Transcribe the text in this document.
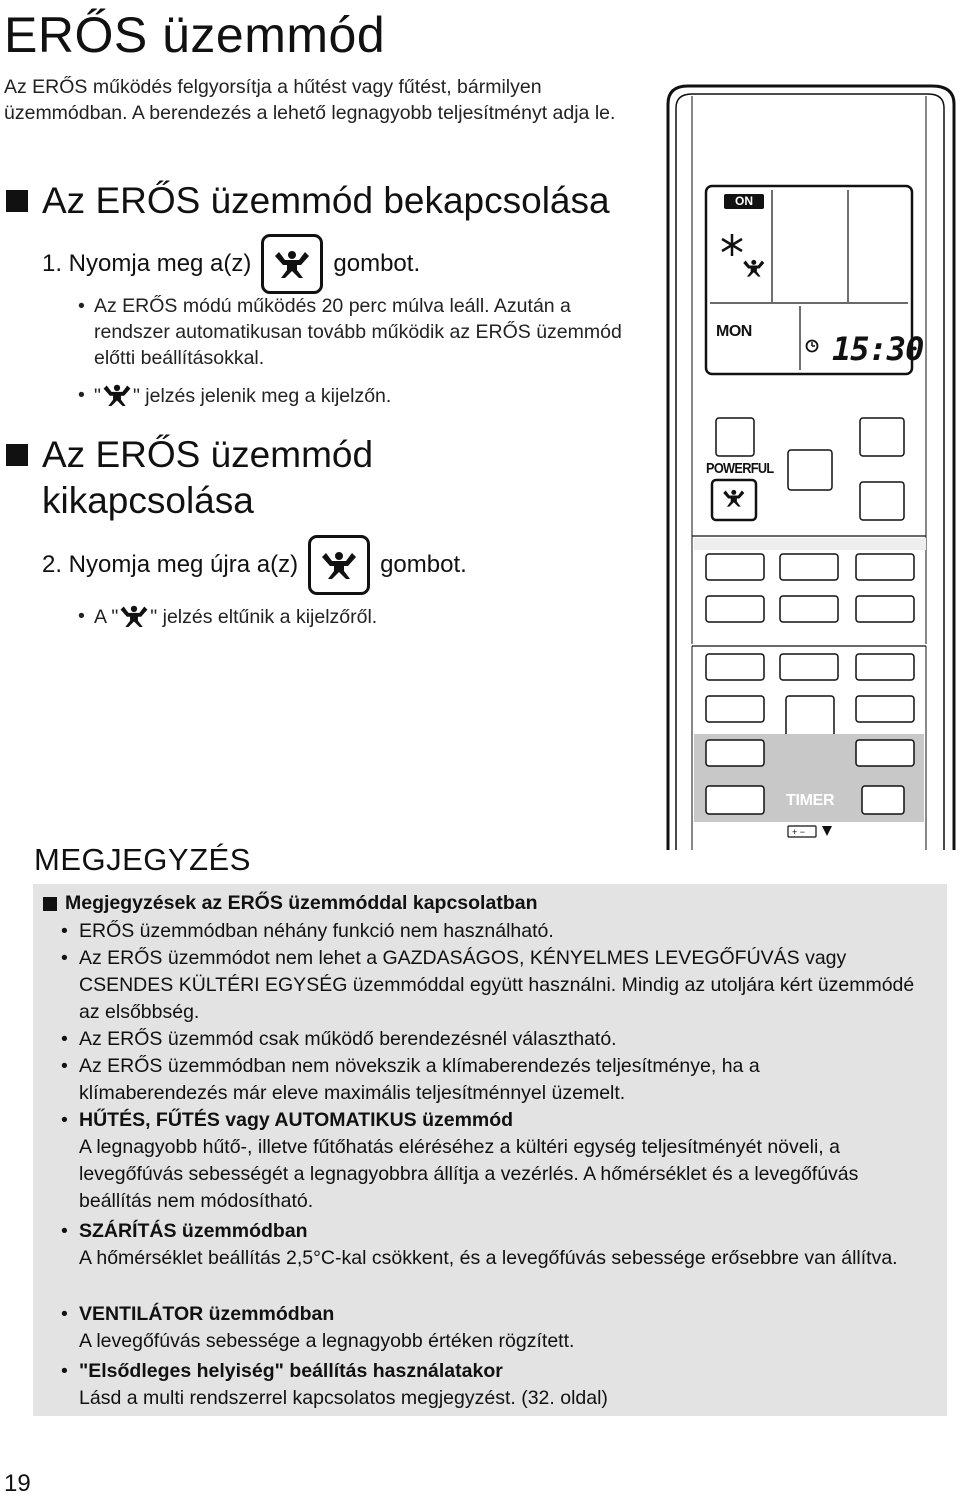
ERŐS üzemmód

Az ERŐS működés felgyorsítja a hűtést vagy fűtést, bármilyen üzemmódban. A berendezés a lehető legnagyobb teljesítményt adja le.

Az ERŐS üzemmód bekapcsolása
1. Nyomja meg a(z)	gombot.
• Az ERŐS módú működés 20 perc múlva leáll. Azután a rendszer automatikusan tovább működik az ERŐS üzemmód előtti beállításokkal.
• " " jelzés jelenik meg a kijelzőn.
Az ERŐS üzemmód
kikapcsolása
2. Nyomja meg újra a(z)	gombot.
• A " " jelzés eltűnik a kijelzőről.
+ −
ON
MON	15:30
POWERFUL
TIMER
MEGJEGYZÉS
Megjegyzések az ERŐS üzemmóddal kapcsolatban
• ERŐS üzemmódban néhány funkció nem használható.
• Az ERŐS üzemmódot nem lehet a GAZDASÁGOS, KÉNYELMES LEVEGŐFÚVÁS vagy CSENDES KÜLTÉRI EGYSÉG üzemmóddal együtt használni. Mindig az utoljára kért üzemmódé az elsőbbség.
• Az ERŐS üzemmód csak működő berendezésnél választható.
• Az ERŐS üzemmódban nem növekszik a klímaberendezés teljesítménye, ha a klímaberendezés már eleve maximális teljesítménnyel üzemelt.
• HŰTÉS, FŰTÉS vagy AUTOMATIKUS üzemmód
A legnagyobb hűtő-, illetve fűtőhatás eléréséhez a kültéri egység teljesítményét növeli, a levegőfúvás sebességét a legnagyobbra állítja a vezérlés. A hőmérséklet és a levegőfúvás beállítás nem módosítható.
• SZÁRÍTÁS üzemmódban
A hőmérséklet beállítás 2,5°C-kal csökkent, és a levegőfúvás sebessége erősebbre van állítva.
• VENTILÁTOR üzemmódban
A levegőfúvás sebessége a legnagyobb értéken rögzített.
• "Elsődleges helyiség" beállítás használatakor
Lásd a multi rendszerrel kapcsolatos megjegyzést. (32. oldal)
19
